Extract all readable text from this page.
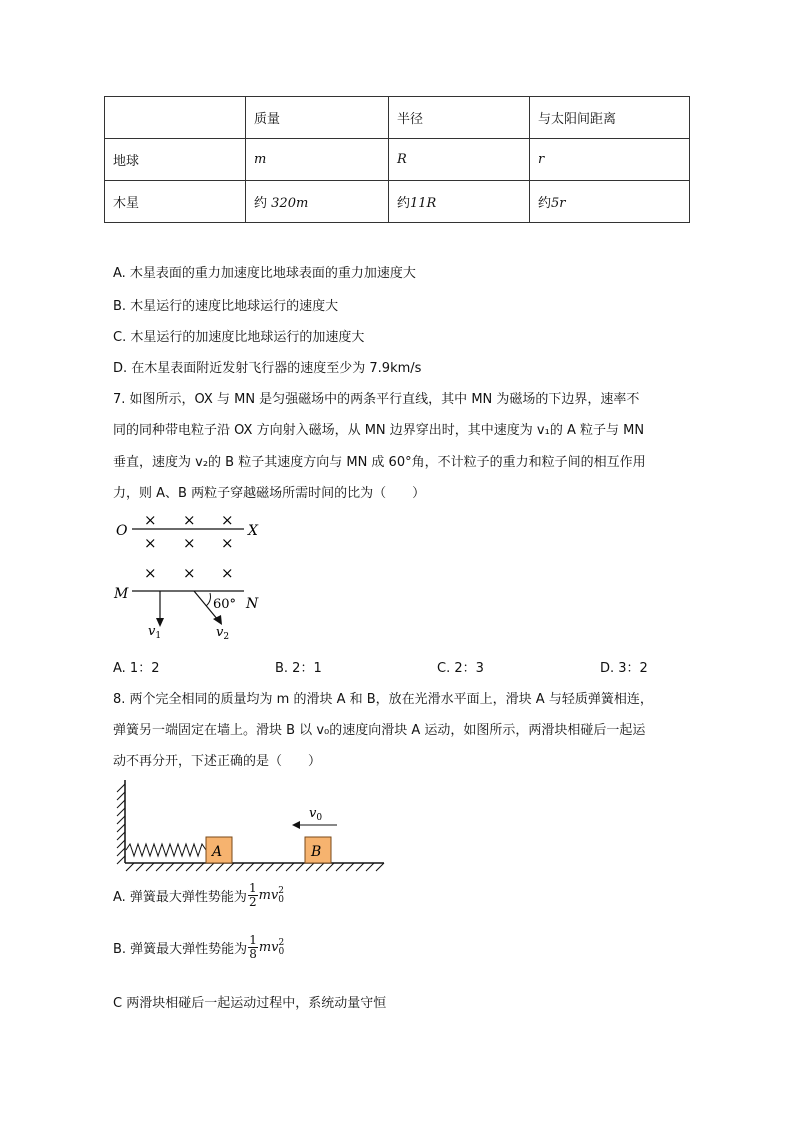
	质量	半径	与太阳间距离
地球	m	R	r
木星	约 320m	约11R	约5r
A. 木星表面的重力加速度比地球表面的重力加速度大
B. 木星运行的速度比地球运行的速度大
C. 木星运行的加速度比地球运行的加速度大
D. 在木星表面附近发射飞行器的速度至少为 7.9km/s
7. 如图所示，OX 与 MN 是匀强磁场中的两条平行直线，其中 MN 为磁场的下边界，速率不
同的同种带电粒子沿 OX 方向射入磁场，从 MN 边界穿出时，其中速度为 v₁的 A 粒子与 MN
垂直，速度为 v₂的 B 粒子其速度方向与 MN 成 60°角，不计粒子的重力和粒子间的相互作用
力，则 A、B 两粒子穿越磁场所需时间的比为（　　）
O	X
× × ×
× × ×
× × ×
M
N
$v_1$
60°
$v_2$
A. 1：2	B. 2：1	C. 2：3	D. 3：2
8. 两个完全相同的质量均为 m 的滑块 A 和 B，放在光滑水平面上，滑块 A 与轻质弹簧相连，
弹簧另一端固定在墙上。滑块 B 以 v₀的速度向滑块 A 运动，如图所示，两滑块相碰后一起运
动不再分开，下述正确的是（　　）
A	B
$v_0$
A. 弹簧最大弹性势能为 $\frac{1}{2}$ mv 2
0
B. 弹簧最大弹性势能为 $\frac{1}{8}$ mv 2
0
C 两滑块相碰后一起运动过程中，系统动量守恒
